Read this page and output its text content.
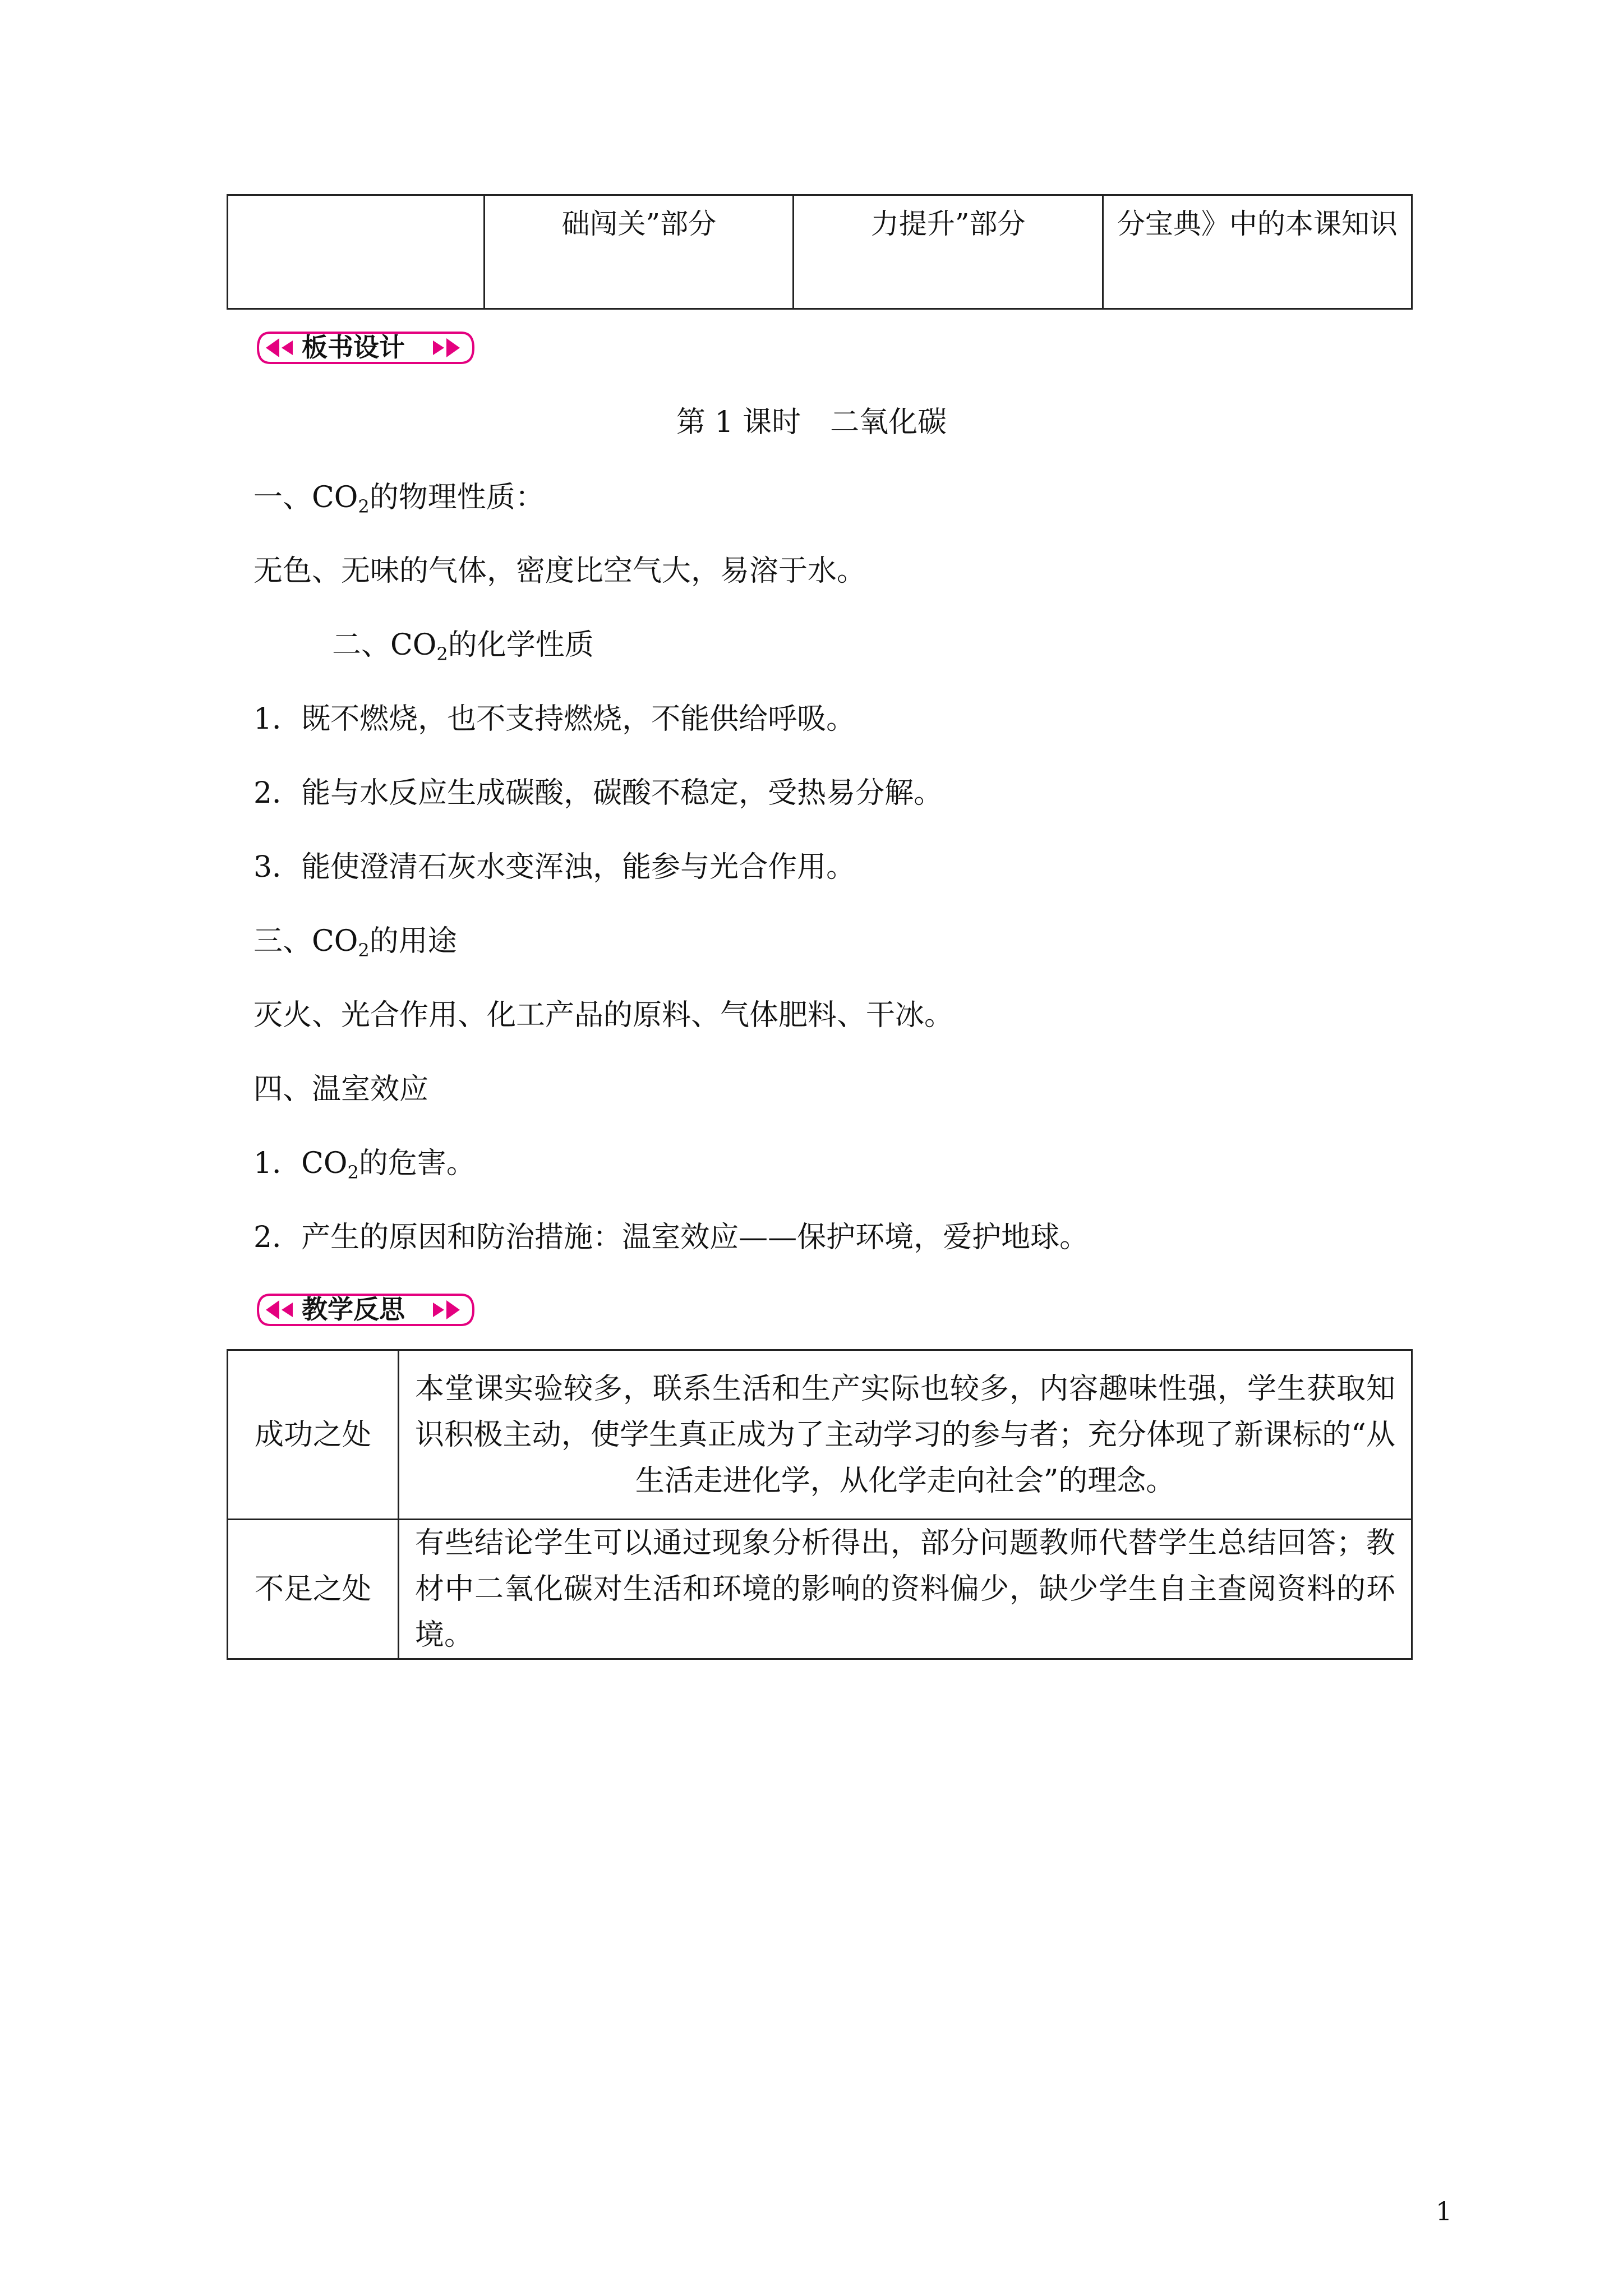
	础闯关”部分	力提升”部分	分宝典》中的本课知识
板书设计
第 1 课时　二氧化碳
一、$CO_2$的物理性质：
无色、无味的气体，密度比空气大，易溶于水。
二、$CO_2$的化学性质
1．既不燃烧，也不支持燃烧，不能供给呼吸。
2．能与水反应生成碳酸，碳酸不稳定，受热易分解。
3．能使澄清石灰水变浑浊，能参与光合作用。
三、$CO_2$的用途
灭火、光合作用、化工产品的原料、气体肥料、干冰。
四、温室效应
1．$CO_2$的危害。
2．产生的原因和防治措施：温室效应——保护环境，爱护地球。
教学反思
成功之处	本堂课实验较多，联系生活和生产实际也较多，内容趣味性强，学生获取知识积极主动，使学生真正成为了主动学习的参与者；充分体现了新课标的“从生活走进化学，从化学走向社会”的理念。
不足之处	有些结论学生可以通过现象分析得出，部分问题教师代替学生总结回答；教材中二氧化碳对生活和环境的影响的资料偏少，缺少学生自主查阅资料的环境。
1
